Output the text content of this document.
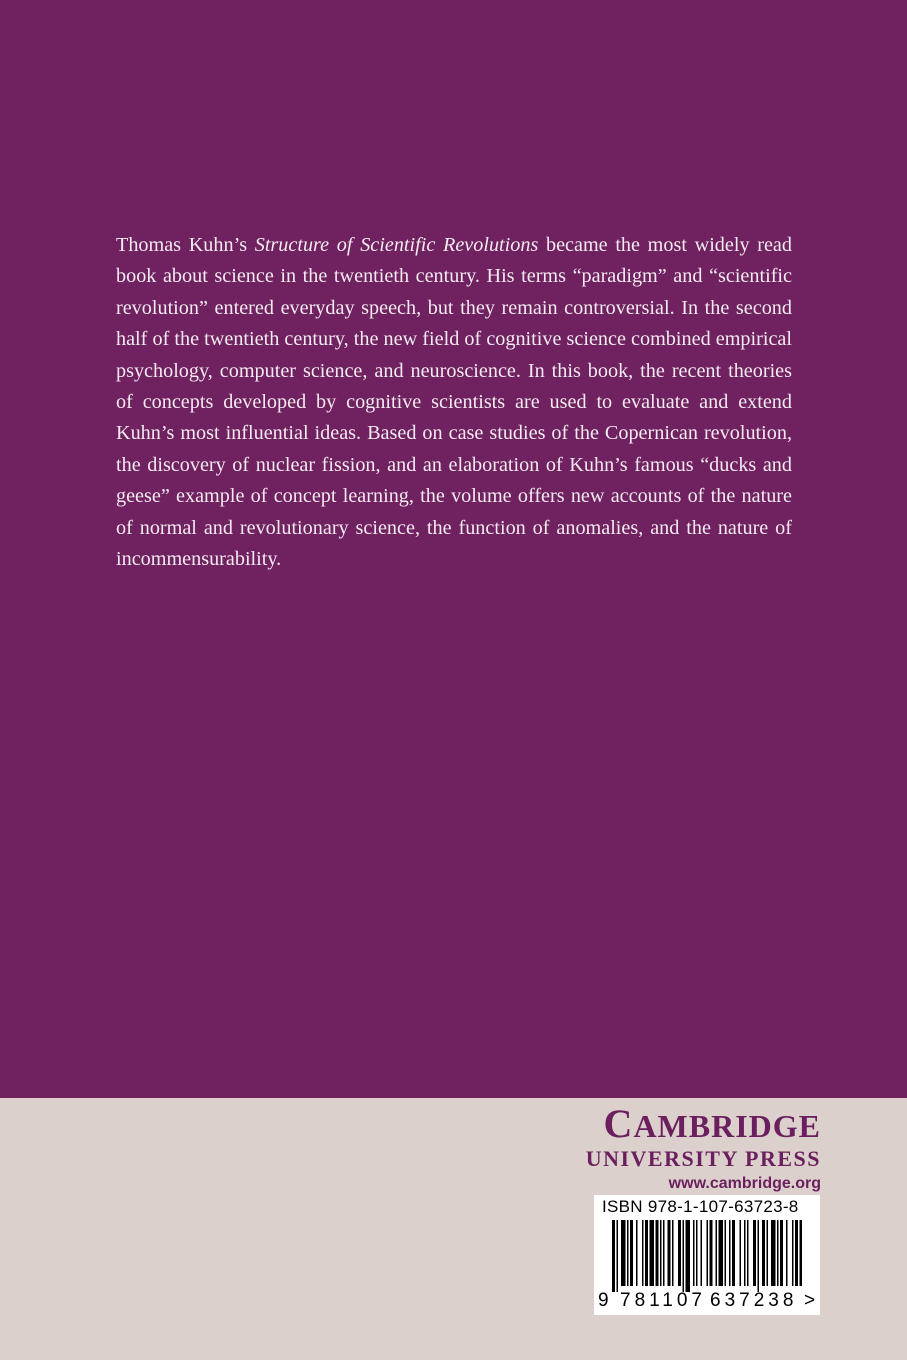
Thomas Kuhn’s Structure of Scientific Revolutions became the most widely read book about science in the twentieth century. His terms “paradigm” and “scientific revolution” entered everyday speech, but they remain controversial. In the second half of the twentieth century, the new field of cognitive science combined empirical psychology, computer science, and neuroscience. In this book, the recent theories of concepts developed by cognitive scientists are used to evaluate and extend Kuhn’s most influential ideas. Based on case studies of the Copernican revolution, the discovery of nuclear fission, and an elaboration of Kuhn’s famous “ducks and geese” example of concept learning, the volume offers new accounts of the nature of normal and revolutionary science, the function of anomalies, and the nature of incommensurability.

CAMBRIDGE
UNIVERSITY PRESS
www.cambridge.org
ISBN 978-1-107-63723-8
9 781107 637238 >
